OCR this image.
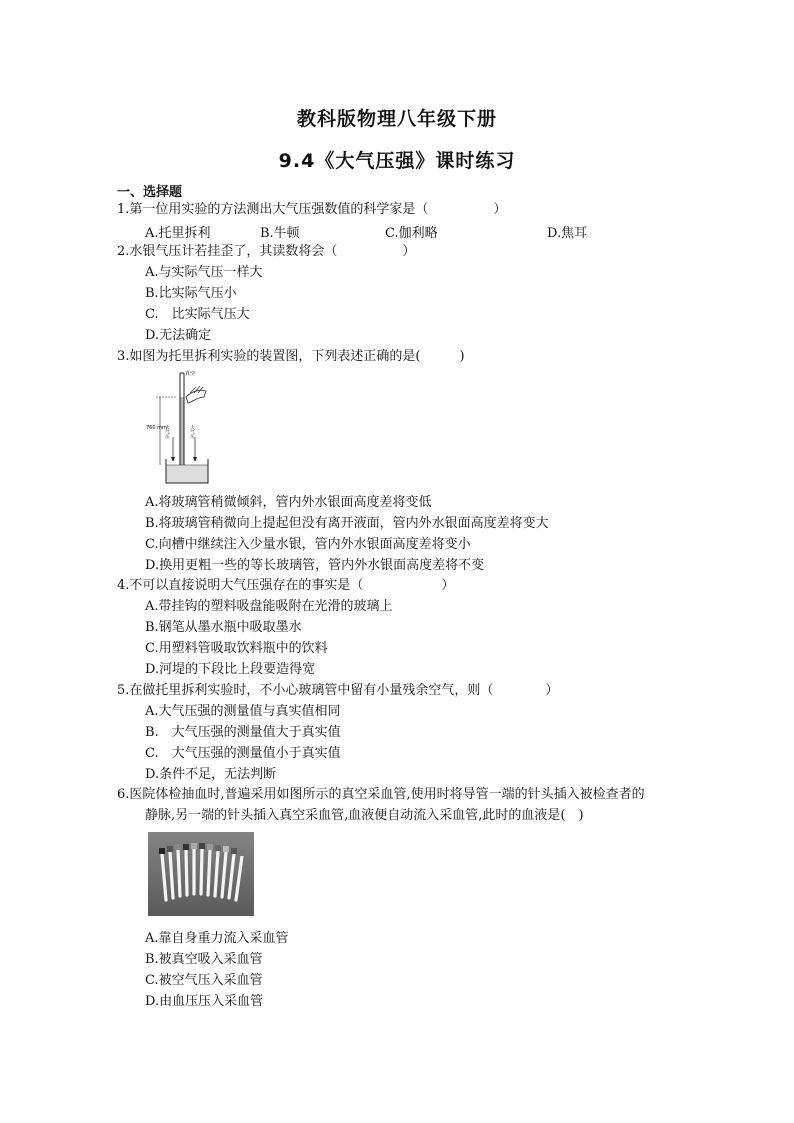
教科版物理八年级下册
9.4《大气压强》课时练习
一、选择题
1.第一位用实验的方法测出大气压强数值的科学家是（　　　　　）
A.托里拆利	B.牛顿	C.伽利略	D.焦耳
2.水银气压计若挂歪了，其读数将会（　　　　　）
A.与实际气压一样大
B.比实际气压小
C.　比实际气压大
D.无法确定
3.如图为托里拆利实验的装置图，下列表述正确的是(　　　)
真空
760 mm
大气压	大气压
A.将玻璃管稍微倾斜，管内外水银面高度差将变低
B.将玻璃管稍微向上提起但没有离开液面，管内外水银面高度差将变大
C.向槽中继续注入少量水银，管内外水银面高度差将变小
D.换用更粗一些的等长玻璃管，管内外水银面高度差将不变
4.不可以直接说明大气压强存在的事实是（　　　　　　）
A.带挂钩的塑料吸盘能吸附在光滑的玻璃上
B.钢笔从墨水瓶中吸取墨水
C.用塑料管吸取饮料瓶中的饮料
D.河堤的下段比上段要造得宽
5.在做托里拆利实验时，不小心玻璃管中留有小量残余空气，则（　　　　）
A.大气压强的测量值与真实值相同
B.　大气压强的测量值大于真实值
C.　大气压强的测量值小于真实值
D.条件不足，无法判断
6.医院体检抽血时,普遍采用如图所示的真空采血管,使用时将导管一端的针头插入被检查者的
静脉,另一端的针头插入真空采血管,血液便自动流入采血管,此时的血液是(　)
A.靠自身重力流入采血管
B.被真空吸入采血管
C.被空气压入采血管
D.由血压压入采血管
